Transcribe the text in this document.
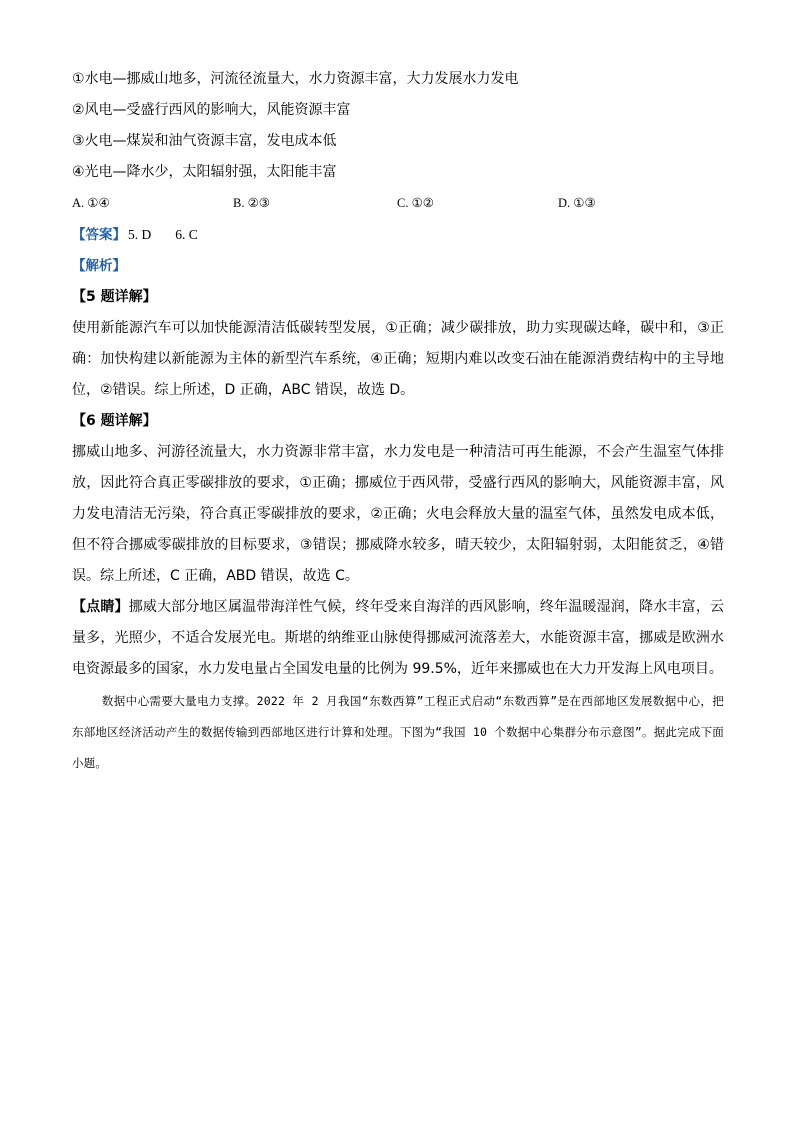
①水电—挪威山地多，河流径流量大，水力资源丰富，大力发展水力发电
②风电—受盛行西风的影响大，风能资源丰富
③火电—煤炭和油气资源丰富，发电成本低
④光电—降水少，太阳辐射强，太阳能丰富
A. ①④	B. ②③	C. ①②	D. ①③
【答案】 5. D 6. C
【解析】
【5 题详解】
使用新能源汽车可以加快能源清洁低碳转型发展，①正确；减少碳排放，助力实现碳达峰，碳中和，③正确：加快构建以新能源为主体的新型汽车系统，④正确；短期内难以改变石油在能源消费结构中的主导地位，②错误。综上所述，D 正确，ABC 错误，故选 D。
【6 题详解】
挪威山地多、河游径流量大，水力资源非常丰富，水力发电是一种清洁可再生能源，不会产生温室气体排放，因此符合真正零碳排放的要求，①正确；挪威位于西风带，受盛行西风的影响大，风能资源丰富，风力发电清洁无污染，符合真正零碳排放的要求，②正确；火电会释放大量的温室气体，虽然发电成本低，但不符合挪威零碳排放的目标要求，③错误；挪威降水较多，晴天较少，太阳辐射弱，太阳能贫乏，④错误。综上所述，C 正确，ABD 错误，故选 C。
【点睛】挪威大部分地区属温带海洋性气候，终年受来自海洋的西风影响，终年温暖湿润，降水丰富，云量多，光照少，不适合发展光电。斯堪的纳维亚山脉使得挪威河流落差大，水能资源丰富，挪威是欧洲水电资源最多的国家，水力发电量占全国发电量的比例为 99.5%，近年来挪威也在大力开发海上风电项目。
数据中心需要大量电力支撑。2022 年 2 月我国“东数西算”工程正式启动“东数西算”是在西部地区发展数据中心，把东部地区经济活动产生的数据传输到西部地区进行计算和处理。下图为“我国 10 个数据中心集群分布示意图”。据此完成下面小题。
